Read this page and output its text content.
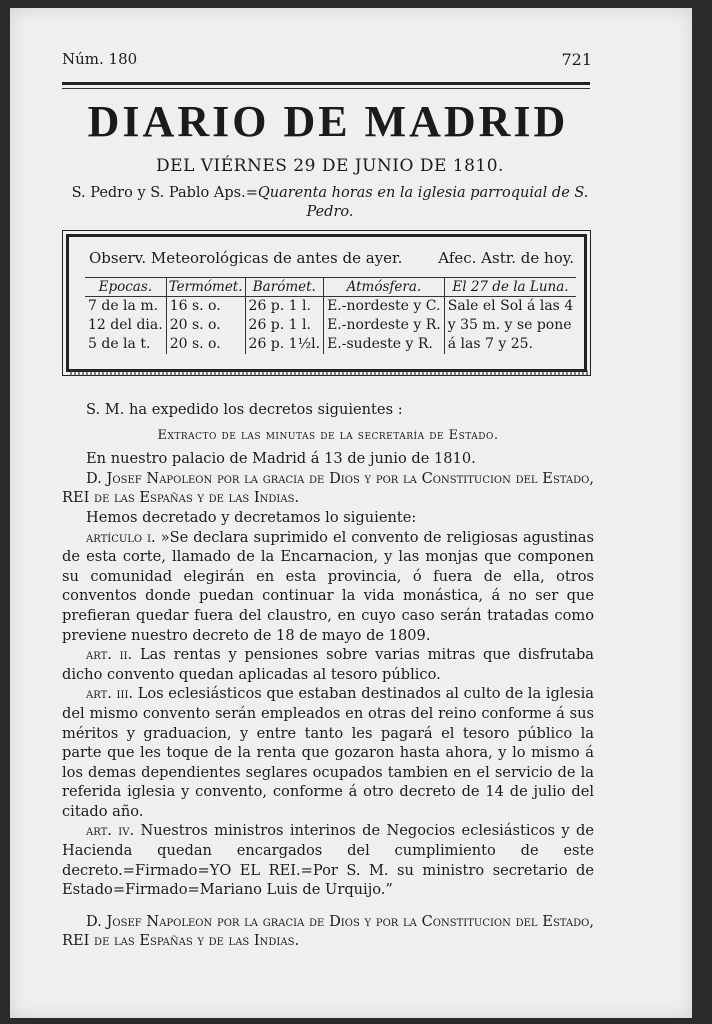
Núm. 180	721
DIARIO DE MADRID
DEL VIÉRNES 29 DE JUNIO DE 1810.
S. Pedro y S. Pablo Aps.=Quarenta horas en la iglesia parroquial de S. Pedro.
Observ. Meteorológicas de antes de ayer. Afec. Astr. de hoy.
Epocas.	Termómet.	Barómet.	Atmósfera.	El 27 de la Luna.
7 de la m.	16 s. o.	26 p. 1 l.	E.-nordeste y C.	Sale el Sol á las 4
12 del dia.	20 s. o.	26 p. 1 l.	E.-nordeste y R.	y 35 m. y se pone
5 de la t.	20 s. o.	26 p. 1½l.	E.-sudeste y R.	á las 7 y 25.

S. M. ha expedido los decretos siguientes :

Extracto de las minutas de la secretaría de Estado.

En nuestro palacio de Madrid á 13 de junio de 1810.

D. Josef Napoleon por la gracia de Dios y por la Constitucion del Estado, REI de las Españas y de las Indias.

Hemos decretado y decretamos lo siguiente:

artículo i. »Se declara suprimido el convento de religiosas agustinas de esta corte, llamado de la Encarnacion, y las monjas que componen su comunidad elegirán en esta provincia, ó fuera de ella, otros conventos donde puedan continuar la vida monástica, á no ser que prefieran quedar fuera del claustro, en cuyo caso serán tratadas como previene nuestro decreto de 18 de mayo de 1809.

art. ii. Las rentas y pensiones sobre varias mitras que disfrutaba dicho convento quedan aplicadas al tesoro público.

art. iii. Los eclesiásticos que estaban destinados al culto de la iglesia del mismo convento serán empleados en otras del reino conforme á sus méritos y graduacion, y entre tanto les pagará el tesoro público la parte que les toque de la renta que gozaron hasta ahora, y lo mismo á los demas dependientes seglares ocupados tambien en el servicio de la referida iglesia y convento, conforme á otro decreto de 14 de julio del citado año.

art. iv. Nuestros ministros interinos de Negocios eclesiásticos y de Hacienda quedan encargados del cumplimiento de este decreto.=Firmado=YO EL REI.=Por S. M. su ministro secretario de Estado=Firmado=Mariano Luis de Urquijo.”

D. Josef Napoleon por la gracia de Dios y por la Constitucion del Estado, REI de las Españas y de las Indias.
